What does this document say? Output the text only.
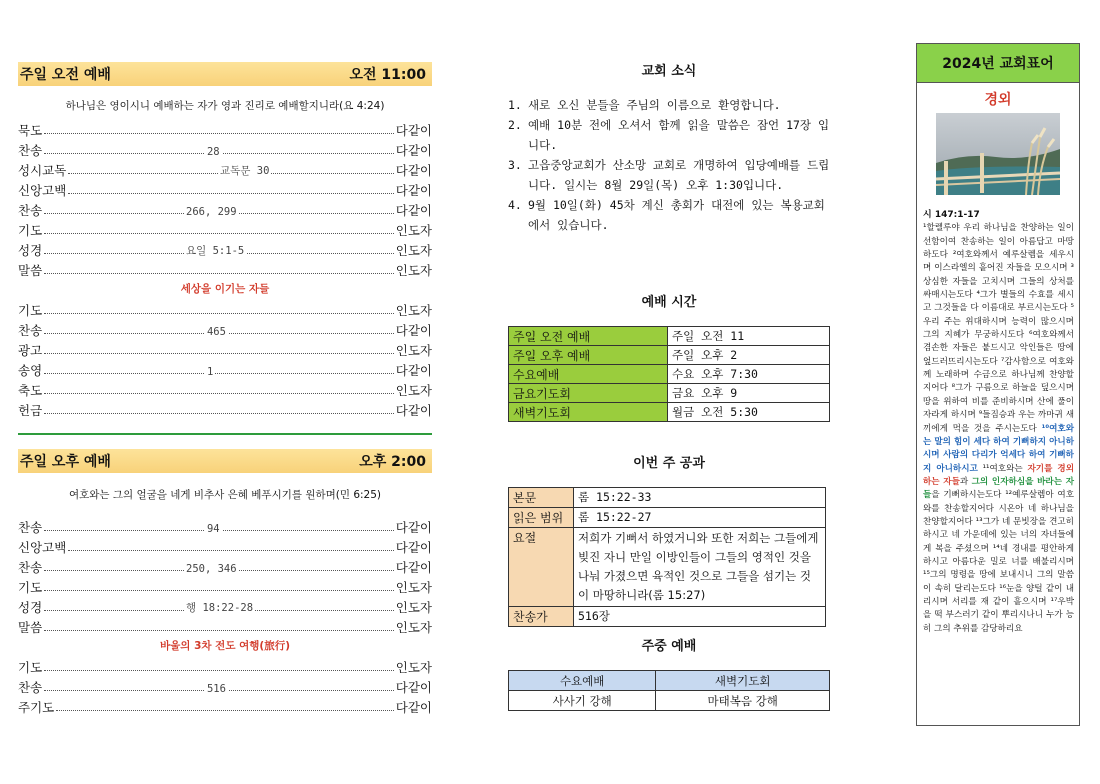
주일 오전 예배	오전 11:00
하나님은 영이시니 예배하는 자가 영과 진리로 예배할지니라(요 4:24)
묵도	다같이
찬송	28	다같이
성시교독	교독문 30	다같이
신앙고백	다같이
찬송	266, 299	다같이
기도	인도자
성경	요일 5:1-5	인도자
말씀	인도자
세상을 이기는 자들
기도	인도자
찬송	465	다같이
광고	인도자
송영	1	다같이
축도	인도자
헌금	다같이
주일 오후 예배	오후 2:00
여호와는 그의 얼굴을 네게 비추사 은혜 베푸시기를 원하며(민 6:25)
찬송	94	다같이
신앙고백	다같이
찬송	250, 346	다같이
기도	인도자
성경	행 18:22-28	인도자
말씀	인도자
바울의 3차 전도 여행(旅行)
기도	인도자
찬송	516	다같이
주기도	다같이
교회 소식
1. 새로 오신 분들을 주님의 이름으로 환영합니다.
2. 예배 10분 전에 오셔서 함께 읽을 말씀은 잠언 17장 입니다.
3. 고읍중앙교회가 산소망 교회로 개명하여 입당예배를 드립니다. 일시는 8월 29일(목) 오후 1:30입니다.
4. 9월 10일(화) 45차 계신 총회가 대전에 있는 복용교회에서 있습니다.
예배 시간
주일 오전 예배	주일 오전 11
주일 오후 예배	주일 오후 2
수요예배	수요 오후 7:30
금요기도회	금요 오후 9
새벽기도회	월금 오전 5:30
이번 주 공과
본문	롬 15:22-33
읽은 범위	롬 15:22-27
요절	저희가 기뻐서 하였거니와 또한 저희는 그들에게 빚진 자니 만일 이방인들이 그들의 영적인 것을 나눠 가졌으면 육적인 것으로 그들을 섬기는 것이 마땅하니라(롬 15:27)
찬송가	516장
주중 예배
수요예배	새벽기도회
사사기 강해	마태복음 강해
2024년 교회표어
경외
시 147:1-17
¹할렐루야 우리 하나님을 찬양하는 일이 선함이여 찬송하는 일이 아름답고 마땅하도다 ²여호와께서 예루살렘을 세우시며 이스라엘의 흩어진 자들을 모으시며 ³상심한 자들을 고치시며 그들의 상처를 싸매시는도다 ⁴그가 별들의 수효를 세시고 그것들을 다 이름대로 부르시는도다 ⁵우리 주는 위대하시며 능력이 많으시며 그의 지혜가 무궁하시도다 ⁶여호와께서 겸손한 자들은 붙드시고 악인들은 땅에 엎드러뜨리시는도다 ⁷감사함으로 여호와께 노래하며 수금으로 하나님께 찬양할지어다 ⁸그가 구름으로 하늘을 덮으시며 땅을 위하여 비를 준비하시며 산에 풀이 자라게 하시며 ⁹들짐승과 우는 까마귀 새끼에게 먹을 것을 주시는도다 ¹⁰여호와는 말의 힘이 세다 하여 기뻐하지 아니하시며 사람의 다리가 억세다 하여 기뻐하지 아니하시고 ¹¹여호와는 자기를 경외하는 자들과 그의 인자하심을 바라는 자들을 기뻐하시는도다 ¹²예루살렘아 여호와를 찬송할지어다 시온아 네 하나님을 찬양할지어다 ¹³그가 네 문빗장을 견고히 하시고 네 가운데에 있는 너의 자녀들에게 복을 주셨으며 ¹⁴네 경내를 평안하게 하시고 아름다운 밀로 너를 배불리시며 ¹⁵그의 명령을 땅에 보내시니 그의 말씀이 속히 달리는도다 ¹⁶눈을 양털 같이 내리시며 서리를 재 같이 흩으시며 ¹⁷우박을 떡 부스러기 같이 뿌리시나니 누가 능히 그의 추위를 감당하리요
